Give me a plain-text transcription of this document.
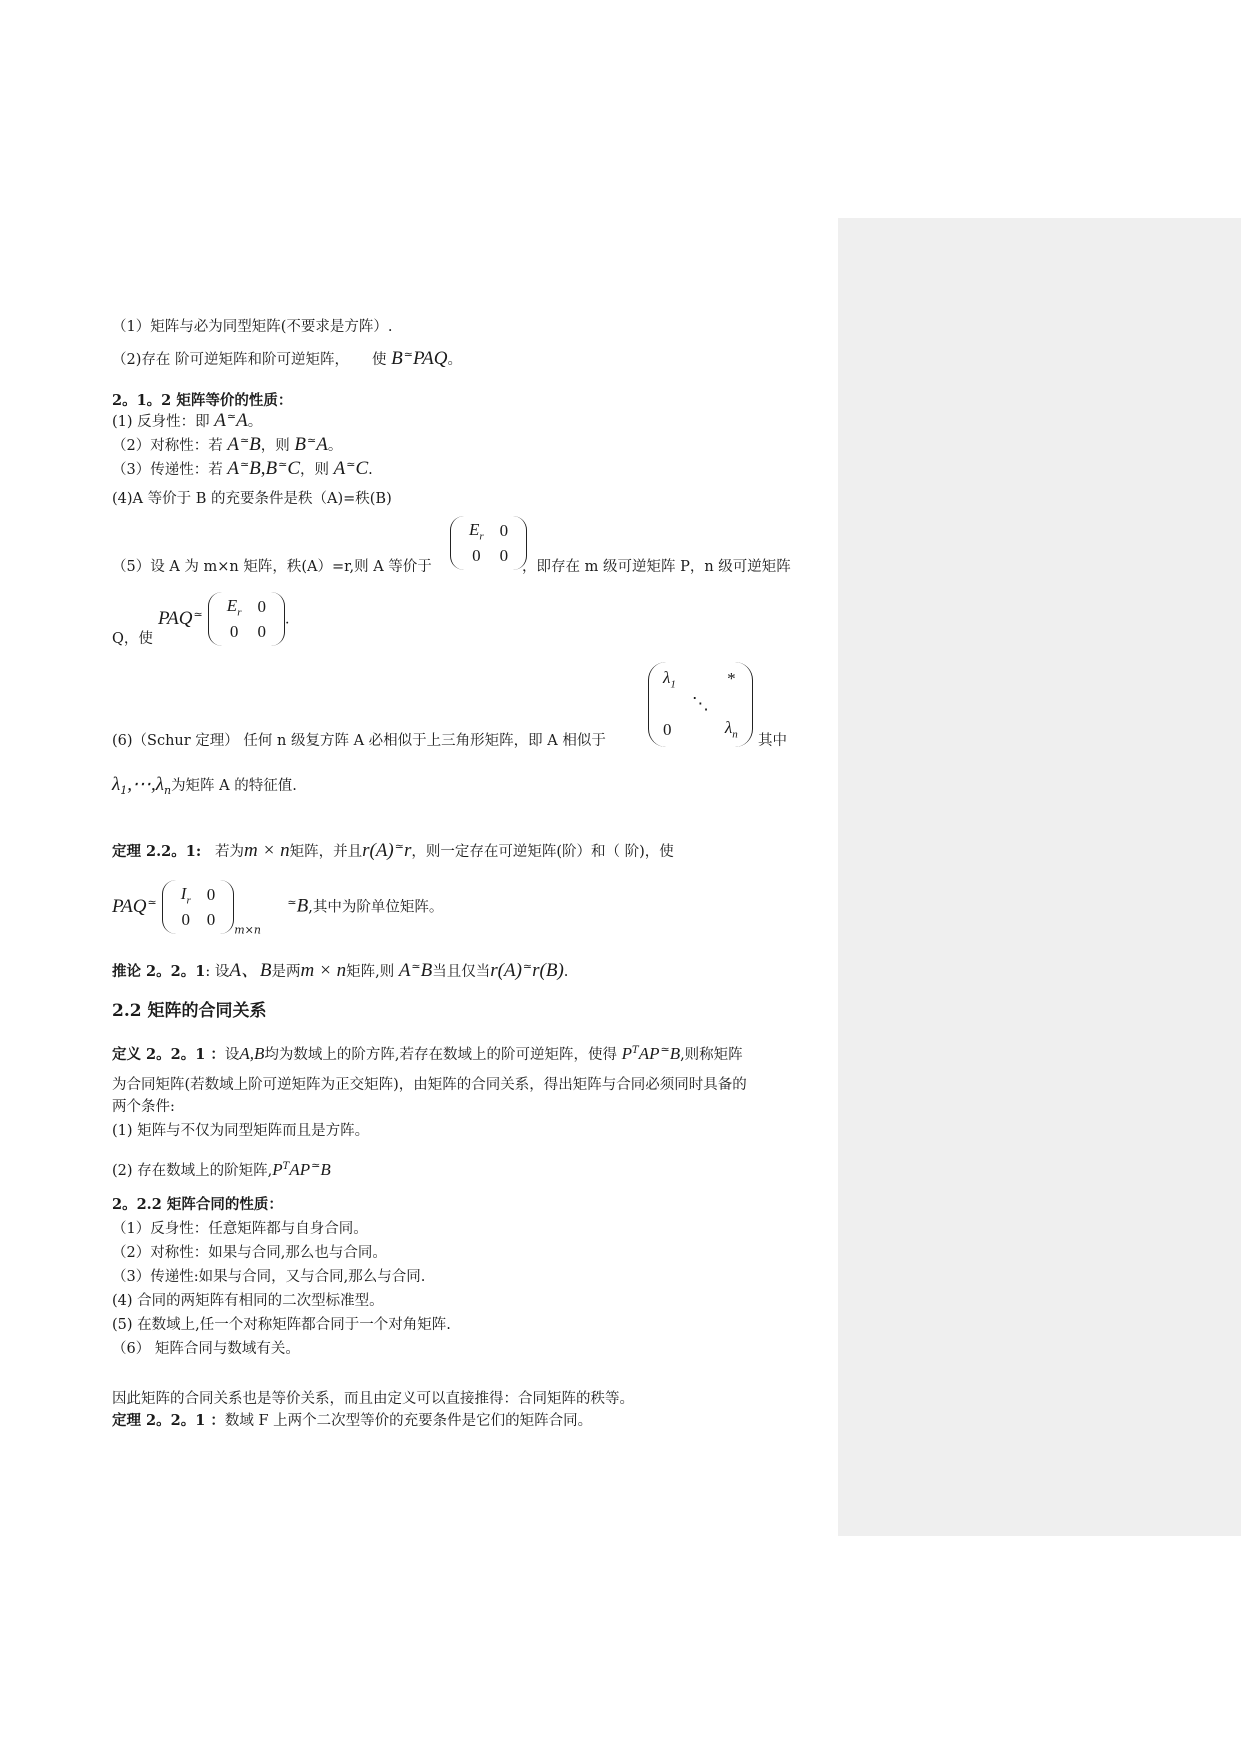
（1）矩阵与必为同型矩阵(不要求是方阵）.
（2)存在 阶可逆矩阵和阶可逆矩阵， 使 B≃PAQ。
2。1。2 矩阵等价的性质：
(1) 反身性：即 A≃A。
（2）对称性：若 A≃B，则 B≃A。
（3）传递性：若 A≃B,B≃C，则 A≃C.
(4)A 等价于 B 的充要条件是秩（A)=秩(B)
（5）设 A 为 m×n 矩阵，秩(A）=r,则 A 等价于
$E_r$	0
0	0
，即存在 m 级可逆矩阵 P，n 级可逆矩阵
Q，使
PAQ≃ $E_r$	0
0	0
.
(6)（Schur 定理） 任何 n 级复方阵 A 必相似于上三角形矩阵，即 A 相似于
$\lambda_1$		*
	⋱	
0		$\lambda_n$ 其中
$\lambda_1,\cdots,\lambda_n$为矩阵 A 的特征值.
定理 2.2。1: 若为m × n矩阵，并且r(A)≃r，则一定存在可逆矩阵(阶）和（ 阶)，使
PAQ≃ $I_r$	0
0	0
$_{m\times n}$     ≃B,其中为阶单位矩阵。
推论 2。2。1: 设A、B是两m × n矩阵,则 A≃B当且仅当r(A)≃r(B).
2.2 矩阵的合同关系
定义 2。2。1 ：设A,B均为数域上的阶方阵,若存在数域上的阶可逆矩阵，使得 $P^TAP^≃B$,则称矩阵
为合同矩阵(若数域上阶可逆矩阵为正交矩阵)，由矩阵的合同关系，得出矩阵与合同必须同时具备的
两个条件:
(1) 矩阵与不仅为同型矩阵而且是方阵。
(2) 存在数域上的阶矩阵$,P^TAP^≃B$
2。2.2 矩阵合同的性质：
（1）反身性：任意矩阵都与自身合同。
（2）对称性：如果与合同,那么也与合同。
（3）传递性:如果与合同，又与合同,那么与合同.
(4) 合同的两矩阵有相同的二次型标准型。
(5) 在数域上,任一个对称矩阵都合同于一个对角矩阵.
（6） 矩阵合同与数域有关。
因此矩阵的合同关系也是等价关系，而且由定义可以直接推得：合同矩阵的秩等。
定理 2。2。1 ：数域 F 上两个二次型等价的充要条件是它们的矩阵合同。
